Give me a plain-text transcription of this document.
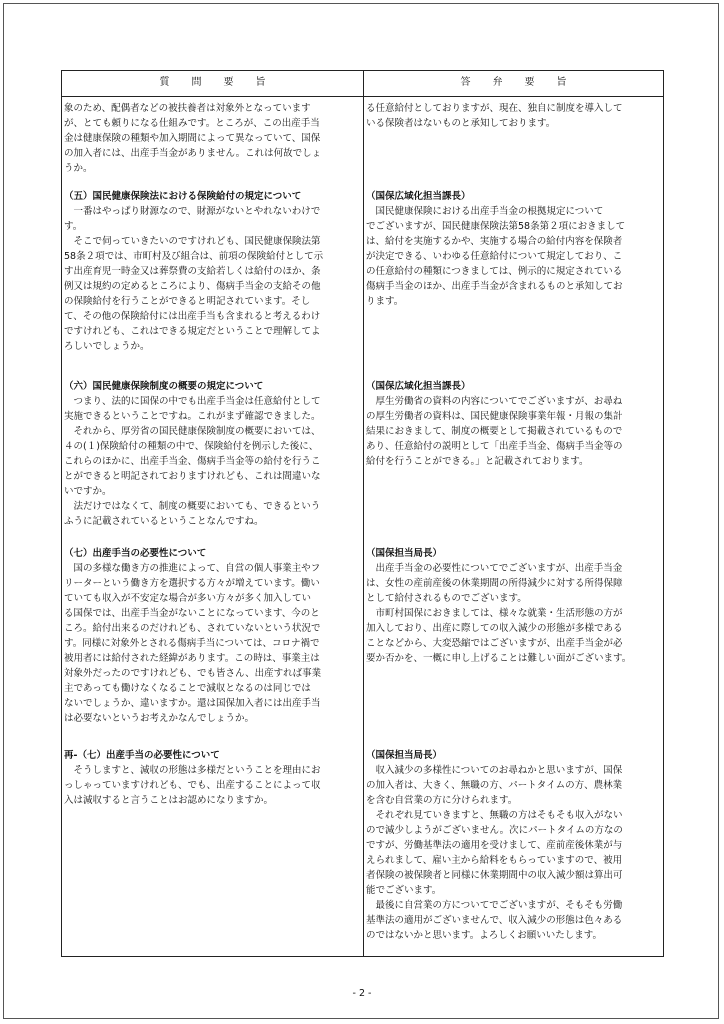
質 問 要 旨	答 弁 要 旨
象のため、配偶者などの被扶養者は対象外となっています
が、とても頼りになる仕組みです。ところが、この出産手当
金は健康保険の種類や加入期間によって異なっていて、国保
の加入者には、出産手当金がありません。これは何故でしょ
うか。
（五）国民健康保険法における保険給付の規定について
　一番はやっぱり財源なので、財源がないとやれないわけで
す。
　そこで伺っていきたいのですけれども、国民健康保険法第
58条２項では、市町村及び組合は、前項の保険給付として示
す出産育児一時金又は葬祭費の支給若しくは給付のほか、条
例又は規約の定めるところにより、傷病手当金の支給その他
の保険給付を行うことができると明記されています。そし
て、その他の保険給付には出産手当も含まれると考えるわけ
ですけれども、これはできる規定だということで理解してよ
ろしいでしょうか。
（六）国民健康保険制度の概要の規定について
　つまり、法的に国保の中でも出産手当金は任意給付として
実施できるということですね。これがまず確認できました。
　それから、厚労省の国民健康保険制度の概要においては、
４の(１)保険給付の種類の中で、保険給付を例示した後に、
これらのほかに、出産手当金、傷病手当金等の給付を行うこ
とができると明記されておりますけれども、これは間違いな
いですか。
　法だけではなくて、制度の概要においても、できるという
ふうに記載されているということなんですね。
（七）出産手当の必要性について
　国の多様な働き方の推進によって、自営の個人事業主やフ
リーターという働き方を選択する方々が増えています。働い
ていても収入が不安定な場合が多い方々が多く加入してい
る国保では、出産手当金がないことになっています、今のと
ころ。給付出来るのだけれども、されていないという状況で
す。同様に対象外とされる傷病手当については、コロナ禍で
被用者には給付された経緯があります。この時は、事業主は
対象外だったのですけれども、でも皆さん、出産すれば事業
主であっても働けなくなることで減収となるのは同じでは
ないでしょうか、違いますか。還は国保加入者には出産手当
は必要ないというお考えかなんでしょうか。
再-（七）出産手当の必要性について
　そうしますと、減収の形態は多様だということを理由にお
っしゃっていますけれども、でも、出産することによって収
入は減収すると言うことはお認めになりますか。
る任意給付としておりますが、現在、独自に制度を導入して
いる保険者はないものと承知しております。
（国保広域化担当課長）
　国民健康保険における出産手当金の根拠規定について
でございますが、国民健康保険法第58条第２項におきまして
は、給付を実施するかや、実施する場合の給付内容を保険者
が決定できる、いわゆる任意給付について規定しており、こ
の任意給付の種類につきましては、例示的に規定されている
傷病手当金のほか、出産手当金が含まれるものと承知してお
ります。
（国保広域化担当課長）
　厚生労働省の資料の内容についてでございますが、お尋ね
の厚生労働者の資料は、国民健康保険事業年報・月報の集計
結果におきまして、制度の概要として掲載されているもので
あり、任意給付の説明として「出産手当金、傷病手当金等の
給付を行うことができる。」と記載されております。
（国保担当局長）
　出産手当金の必要性についてでございますが、出産手当金
は、女性の産前産後の休業期間の所得減少に対する所得保障
として給付されるものでございます。
　市町村国保におきましては、様々な就業・生活形態の方が
加入しており、出産に際しての収入減少の形態が多様である
ことなどから、大変恐縮ではございますが、出産手当金が必
要か否かを、一概に申し上げることは難しい面がございます。
（国保担当局長）
　収入減少の多様性についてのお尋ねかと思いますが、国保
の加入者は、大きく、無職の方、パートタイムの方、農林業
を含む自営業の方に分けられます。
　それぞれ見ていきますと、無職の方はそもそも収入がない
ので減少しようがございません。次にパートタイムの方なの
ですが、労働基準法の適用を受けまして、産前産後休業が与
えられまして、雇い主から給料をもらっていますので、被用
者保険の被保険者と同様に休業期間中の収入減少額は算出可
能でございます。
　最後に自営業の方についてでございますが、そもそも労働
基準法の適用がございませんで、収入減少の形態は色々ある
のではないかと思います。よろしくお願いいたします。
- 2 -
